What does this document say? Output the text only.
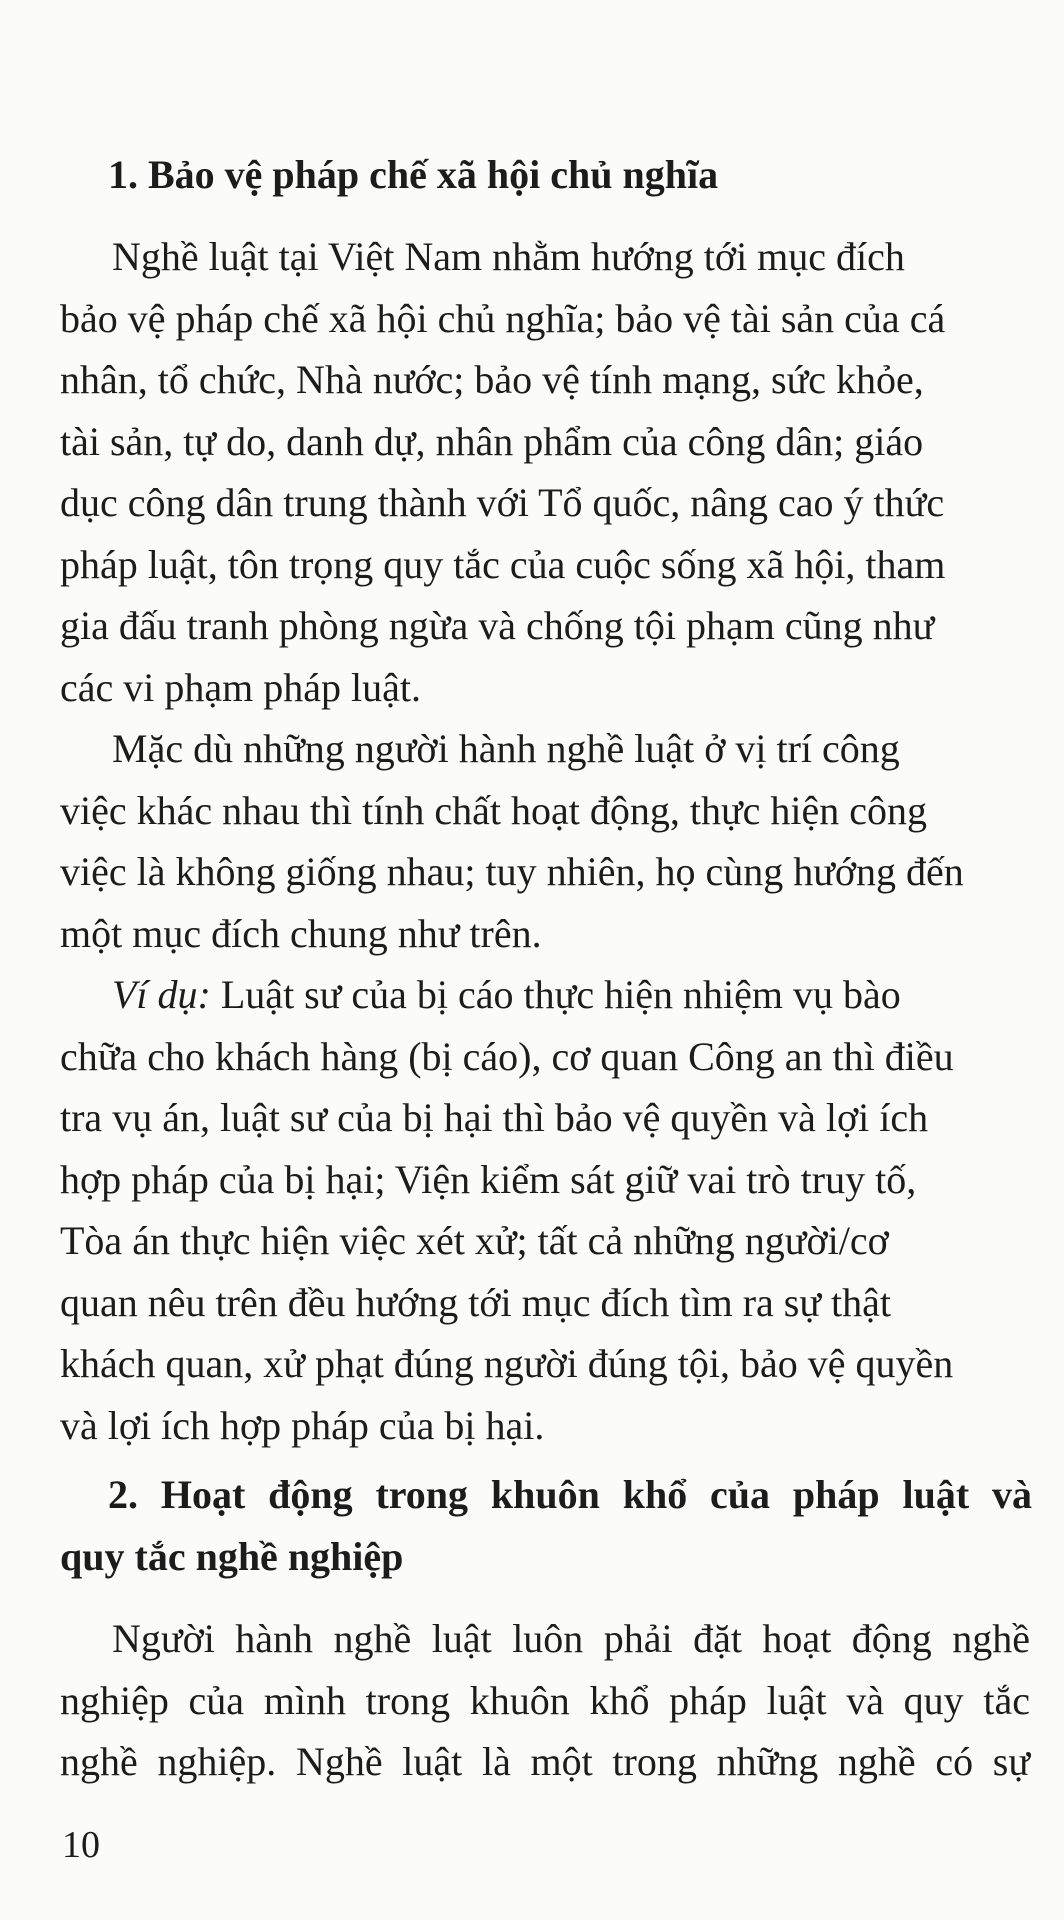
1. Bảo vệ pháp chế xã hội chủ nghĩa
Nghề luật tại Việt Nam nhằm hướng tới mục đích
bảo vệ pháp chế xã hội chủ nghĩa; bảo vệ tài sản của cá
nhân, tổ chức, Nhà nước; bảo vệ tính mạng, sức khỏe,
tài sản, tự do, danh dự, nhân phẩm của công dân; giáo
dục công dân trung thành với Tổ quốc, nâng cao ý thức
pháp luật, tôn trọng quy tắc của cuộc sống xã hội, tham
gia đấu tranh phòng ngừa và chống tội phạm cũng như
các vi phạm pháp luật.
Mặc dù những người hành nghề luật ở vị trí công
việc khác nhau thì tính chất hoạt động, thực hiện công
việc là không giống nhau; tuy nhiên, họ cùng hướng đến
một mục đích chung như trên.
Ví dụ: Luật sư của bị cáo thực hiện nhiệm vụ bào
chữa cho khách hàng (bị cáo), cơ quan Công an thì điều
tra vụ án, luật sư của bị hại thì bảo vệ quyền và lợi ích
hợp pháp của bị hại; Viện kiểm sát giữ vai trò truy tố,
Tòa án thực hiện việc xét xử; tất cả những người/cơ
quan nêu trên đều hướng tới mục đích tìm ra sự thật
khách quan, xử phạt đúng người đúng tội, bảo vệ quyền
và lợi ích hợp pháp của bị hại.
2. Hoạt động trong khuôn khổ của pháp luật và
quy tắc nghề nghiệp
Người hành nghề luật luôn phải đặt hoạt động nghề
nghiệp của mình trong khuôn khổ pháp luật và quy tắc
nghề nghiệp. Nghề luật là một trong những nghề có sự
10
